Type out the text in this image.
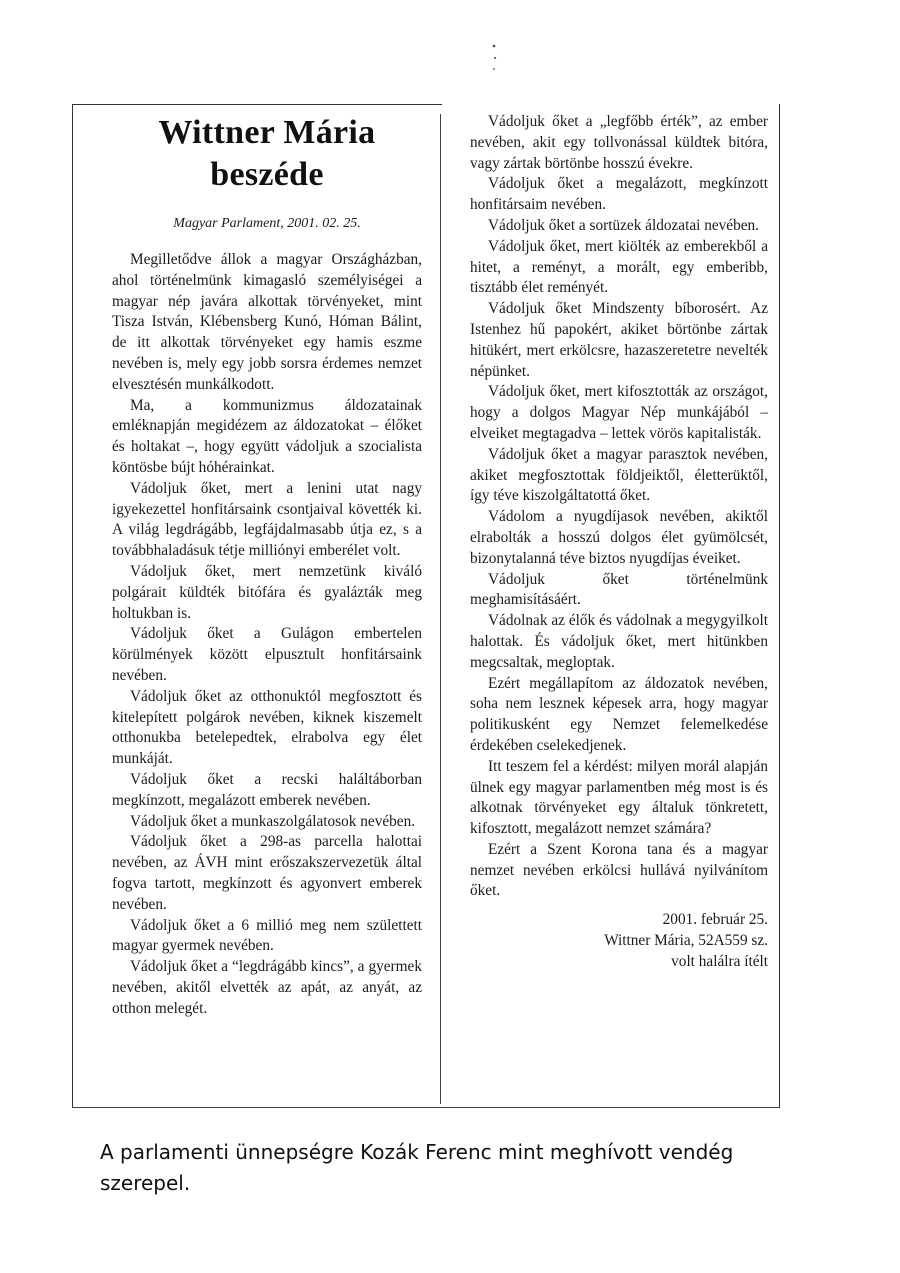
Wittner Mária
beszéde
Magyar Parlament, 2001. 02. 25.

Megilletődve állok a magyar Országházban, ahol történelmünk kimagasló személyiségei a magyar nép javára alkottak törvényeket, mint Tisza István, Klébensberg Kunó, Hóman Bálint, de itt alkottak törvényeket egy hamis eszme nevében is, mely egy jobb sorsra érdemes nemzet elvesztésén munkálkodott.

Ma, a kommunizmus áldozatainak emléknapján megidézem az áldozatokat – élőket és holtakat –, hogy együtt vádoljuk a szocialista köntösbe bújt hóhérainkat.

Vádoljuk őket, mert a lenini utat nagy igyekezettel honfitársaink csontjaival követték ki. A világ legdrágább, legfájdalmasabb útja ez, s a továbbhaladásuk tétje milliónyi emberélet volt.

Vádoljuk őket, mert nemzetünk kiváló polgárait küldték bitófára és gyalázták meg holtukban is.

Vádoljuk őket a Gulágon embertelen körülmények között elpusztult honfitársaink nevében.

Vádoljuk őket az otthonuktól megfosztott és kitelepített polgárok nevében, kiknek kiszemelt otthonukba betelepedtek, elrabolva egy élet munkáját.

Vádoljuk őket a recski haláltáborban megkínzott, megalázott emberek nevében.

Vádoljuk őket a munkaszolgálatosok nevében.

Vádoljuk őket a 298-as parcella halottai nevében, az ÁVH mint erőszakszervezetük által fogva tartott, megkínzott és agyonvert emberek nevében.

Vádoljuk őket a 6 millió meg nem születtett magyar gyermek nevében.

Vádoljuk őket a “legdrágább kincs”, a gyermek nevében, akitől elvették az apát, az anyát, az otthon melegét.

Vádoljuk őket a „legfőbb érték”, az ember nevében, akit egy tollvonással küldtek bitóra, vagy zártak börtönbe hosszú évekre.

Vádoljuk őket a megalázott, megkínzott honfitársaim nevében.

Vádoljuk őket a sortüzek áldozatai nevében.

Vádoljuk őket, mert kiölték az emberekből a hitet, a reményt, a morált, egy emberibb, tisztább élet reményét.

Vádoljuk őket Mindszenty bíborosért. Az Istenhez hű papokért, akiket börtönbe zártak hitükért, mert erkölcsre, hazaszeretetre nevelték népünket.

Vádoljuk őket, mert kifosztották az országot, hogy a dolgos Magyar Nép munkájából – elveiket megtagadva – lettek vörös kapitalisták.

Vádoljuk őket a magyar parasztok nevében, akiket megfosztottak földjeiktől, életterüktől, így téve kiszolgáltatottá őket.

Vádolom a nyugdíjasok nevében, akiktől elrabolták a hosszú dolgos élet gyümölcsét, bizonytalanná téve biztos nyugdíjas éveiket.

Vádoljuk őket történelmünk meghamisításáért.

Vádolnak az élők és vádolnak a megygyilkolt halottak. És vádoljuk őket, mert hitünkben megcsaltak, megloptak.

Ezért megállapítom az áldozatok nevében, soha nem lesznek képesek arra, hogy magyar politikusként egy Nemzet felemelkedése érdekében cselekedjenek.

Itt teszem fel a kérdést: milyen morál alapján ülnek egy magyar parlamentben még most is és alkotnak törvényeket egy általuk tönkretett, kifosztott, megalázott nemzet számára?

Ezért a Szent Korona tana és a magyar nemzet nevében erkölcsi hullává nyilvánítom őket.

2001. február 25.
Wittner Mária, 52A559 sz.
volt halálra ítélt
A parlamenti ünnepségre Kozák Ferenc mint meghívott vendég szerepel.
